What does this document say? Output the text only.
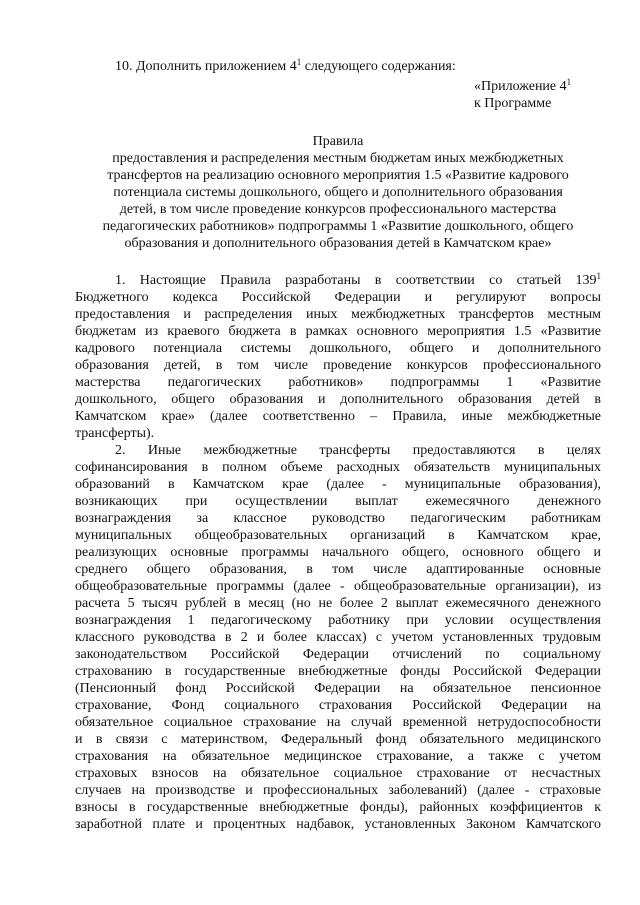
10. Дополнить приложением $4^1$ следующего содержания:
«Приложение $4^1$
к Программе
Правила
предоставления и распределения местным бюджетам иных межбюджетных
трансфертов на реализацию основного мероприятия 1.5 «Развитие кадрового
потенциала системы дошкольного, общего и дополнительного образования
детей, в том числе проведение конкурсов профессионального мастерства
педагогических работников» подпрограммы 1 «Развитие дошкольного, общего
образования и дополнительного образования детей в Камчатском крае»
1. Настоящие Правила разработаны в соответствии со статьей $139^1$
Бюджетного кодекса Российской Федерации и регулируют вопросы
предоставления и распределения иных межбюджетных трансфертов местным
бюджетам из краевого бюджета в рамках основного мероприятия 1.5 «Развитие
кадрового потенциала системы дошкольного, общего и дополнительного
образования детей, в том числе проведение конкурсов профессионального
мастерства педагогических работников» подпрограммы 1 «Развитие
дошкольного, общего образования и дополнительного образования детей в
Камчатском крае» (далее соответственно – Правила, иные межбюджетные
трансферты).
2. Иные межбюджетные трансферты предоставляются в целях
софинансирования в полном объеме расходных обязательств муниципальных
образований в Камчатском крае (далее - муниципальные образования),
возникающих при осуществлении выплат ежемесячного денежного
вознаграждения за классное руководство педагогическим работникам
муниципальных общеобразовательных организаций в Камчатском крае,
реализующих основные программы начального общего, основного общего и
среднего общего образования, в том числе адаптированные основные
общеобразовательные программы (далее - общеобразовательные организации), из
расчета 5 тысяч рублей в месяц (но не более 2 выплат ежемесячного денежного
вознаграждения 1 педагогическому работнику при условии осуществления
классного руководства в 2 и более классах) с учетом установленных трудовым
законодательством Российской Федерации отчислений по социальному
страхованию в государственные внебюджетные фонды Российской Федерации
(Пенсионный фонд Российской Федерации на обязательное пенсионное
страхование, Фонд социального страхования Российской Федерации на
обязательное социальное страхование на случай временной нетрудоспособности
и в связи с материнством, Федеральный фонд обязательного медицинского
страхования на обязательное медицинское страхование, а также с учетом
страховых взносов на обязательное социальное страхование от несчастных
случаев на производстве и профессиональных заболеваний) (далее - страховые
взносы в государственные внебюджетные фонды), районных коэффициентов к
заработной плате и процентных надбавок, установленных Законом Камчатского
